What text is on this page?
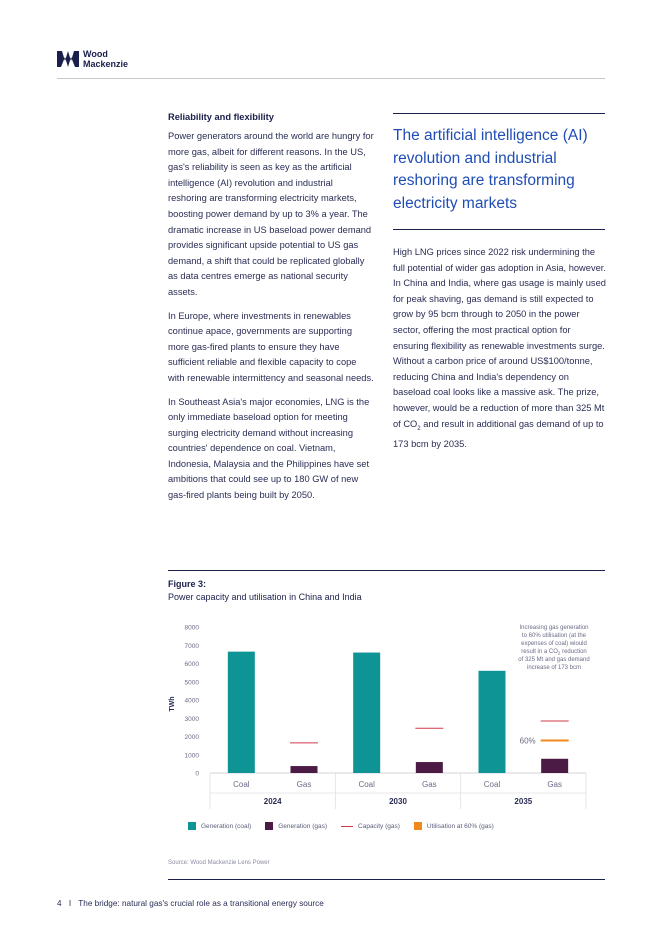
Wood
Mackenzie
Reliability and flexibility

Power generators around the world are hungry for more gas, albeit for different reasons. In the US, gas's reliability is seen as key as the artificial intelligence (AI) revolution and industrial reshoring are transforming electricity markets, boosting power demand by up to 3% a year. The dramatic increase in US baseload power demand provides significant upside potential to US gas demand, a shift that could be replicated globally as data centres emerge as national security assets.

In Europe, where investments in renewables continue apace, governments are supporting more gas-fired plants to ensure they have sufficient reliable and flexible capacity to cope with renewable intermittency and seasonal needs.

In Southeast Asia's major economies, LNG is the only immediate baseload option for meeting surging electricity demand without increasing countries' dependence on coal. Vietnam, Indonesia, Malaysia and the Philippines have set ambitions that could see up to 180 GW of new gas-fired plants being built by 2050.

The artificial intelligence (AI) revolution and industrial reshoring are transforming electricity markets

High LNG prices since 2022 risk undermining the full potential of wider gas adoption in Asia, however. In China and India, where gas usage is mainly used for peak shaving, gas demand is still expected to grow by 95 bcm through to 2050 in the power sector, offering the most practical option for ensuring flexibility as renewable investments surge. Without a carbon price of around US$100/tonne, reducing China and India's dependency on baseload coal looks like a massive ask. The prize, however, would be a reduction of more than 325 Mt of $CO_2$ and result in additional gas demand of up to 173 bcm by 2035.

Figure 3:
Power capacity and utilisation in China and India
0
1000
2000
3000
4000
5000
6000
7000
8000
Coal	Gas
2024
Coal	Gas
2030
60%
Coal	Gas
2035
TWh
Increasing gas generation
to 60% utilisation (at the
expenses of coal) wiould
result in a $CO_2$ reduction
of 325 Mt and gas demand
increase of 173 bcm
Generation (coal)	Generation (gas)	Capacity (gas)	Utilisation at 60% (gas)
Source: Wood Mackenzie Lens Power
4 I The bridge: natural gas's crucial role as a transitional energy source
